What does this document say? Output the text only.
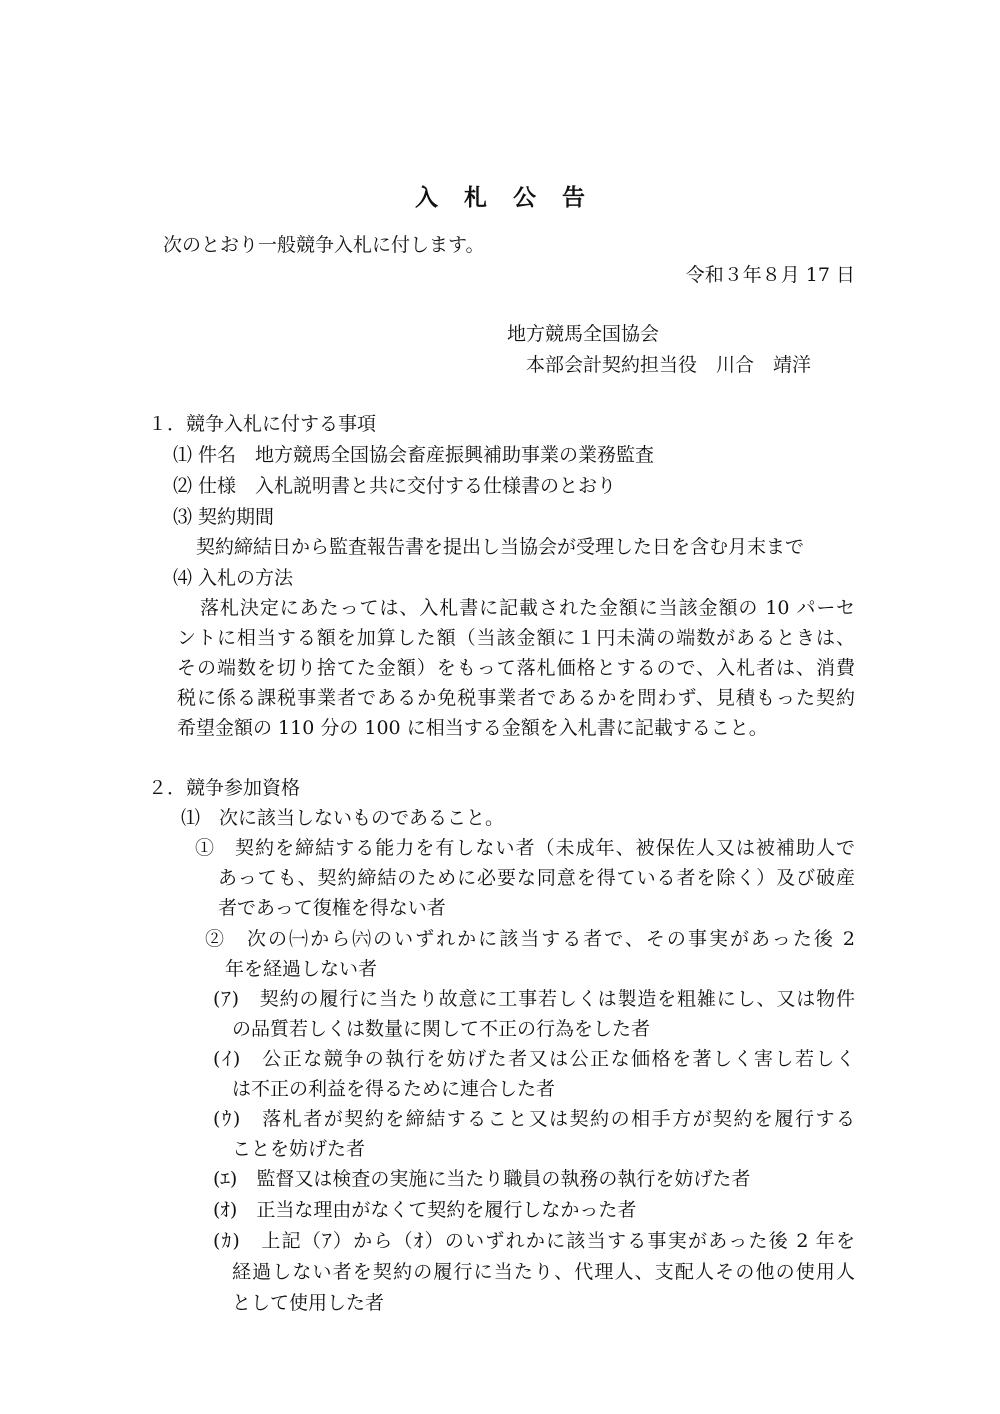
入札公告

次のとおり一般競争入札に付します。

令和３年８月 17 日

地方競馬全国協会

本部会計契約担当役　川合　靖洋

１．競争入札に付する事項

⑴ 件名　地方競馬全国協会畜産振興補助事業の業務監査

⑵ 仕様　入札説明書と共に交付する仕様書のとおり

⑶ 契約期間

契約締結日から監査報告書を提出し当協会が受理した日を含む月末まで

⑷ 入札の方法

落札決定にあたっては、入札書に記載された金額に当該金額の 10 パーセ

ントに相当する額を加算した額（当該金額に１円未満の端数があるときは、

その端数を切り捨てた金額）をもって落札価格とするので、入札者は、消費

税に係る課税事業者であるか免税事業者であるかを問わず、見積もった契約

希望金額の 110 分の 100 に相当する金額を入札書に記載すること。

２．競争参加資格

⑴　次に該当しないものであること。

①　契約を締結する能力を有しない者（未成年、被保佐人又は被補助人で

あっても、契約締結のために必要な同意を得ている者を除く）及び破産

者であって復権を得ない者

②　次の㈠から㈥のいずれかに該当する者で、その事実があった後 2

年を経過しない者

(ｱ)　契約の履行に当たり故意に工事若しくは製造を粗雑にし、又は物件

の品質若しくは数量に関して不正の行為をした者

(ｲ)　公正な競争の執行を妨げた者又は公正な価格を著しく害し若しく

は不正の利益を得るために連合した者

(ｳ)　落札者が契約を締結すること又は契約の相手方が契約を履行する

ことを妨げた者

(ｴ)　監督又は検査の実施に当たり職員の執務の執行を妨げた者

(ｵ)　正当な理由がなくて契約を履行しなかった者

(ｶ)　上記（ｱ）から（ｵ）のいずれかに該当する事実があった後 2 年を

経過しない者を契約の履行に当たり、代理人、支配人その他の使用人

として使用した者
